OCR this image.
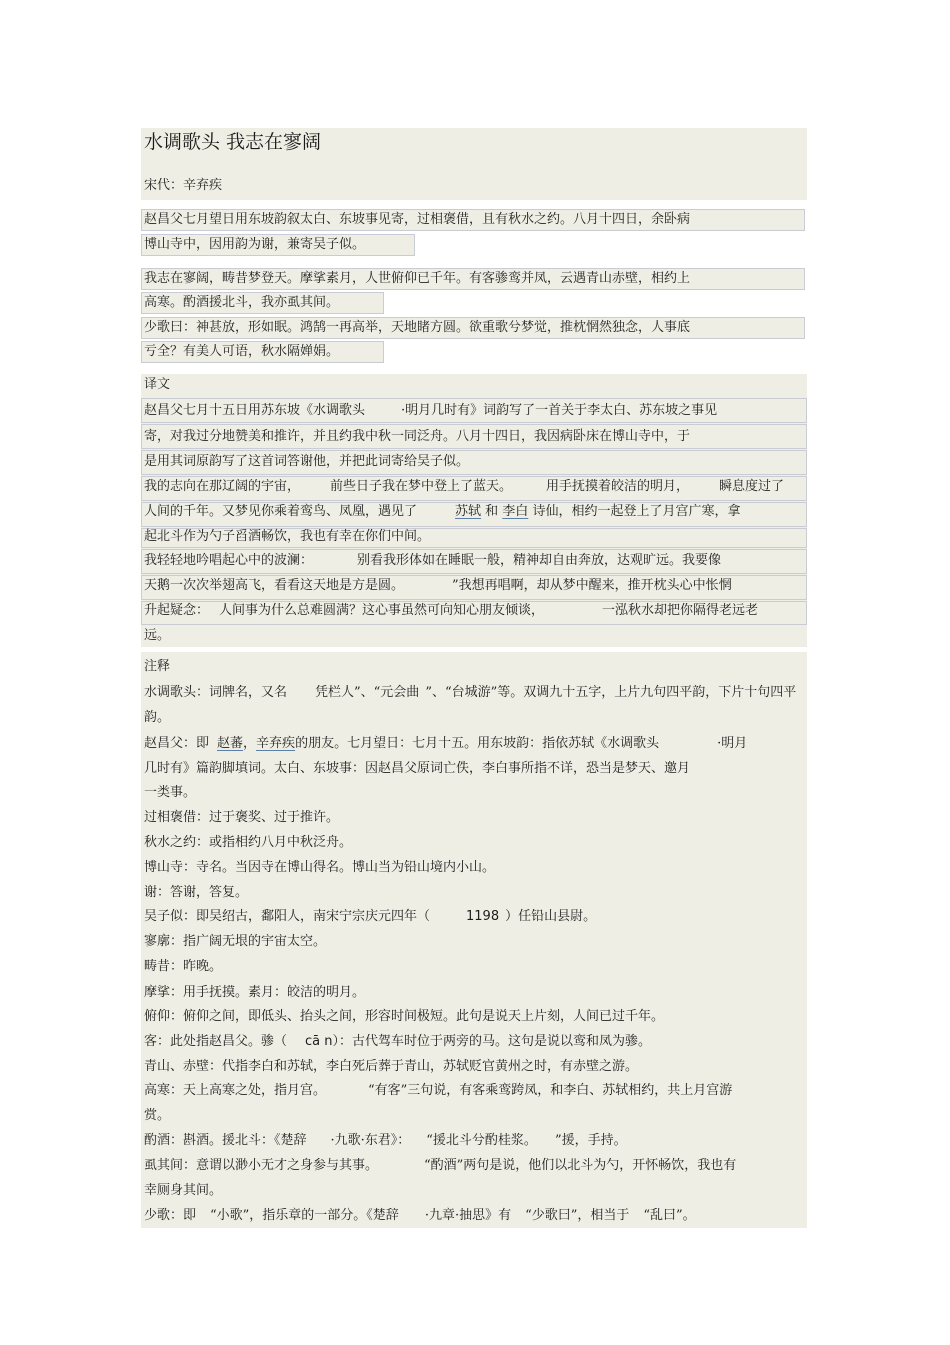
水调歌头 我志在寥阔
宋代：辛弃疾
赵昌父七月望日用东坡韵叙太白、东坡事见寄，过相褒借，且有秋水之约。八月十四日，余卧病
博山寺中，因用韵为谢，兼寄吴子似。
我志在寥阔，畴昔梦登天。摩挲素月，人世俯仰已千年。有客骖鸾并凤，云遇青山赤壁，相约上
高寒。酌酒援北斗，我亦虱其间。
少歌曰：神甚放，形如眠。鸿鹄一再高举，天地睹方圆。欲重歌兮梦觉，推枕惘然独念，人事底
亏全？有美人可语，秋水隔婵娟。
译文
赵昌父七月十五日用苏东坡《水调歌头	·明月几时有》词韵写了一首关于李太白、苏东坡之事见
寄，对我过分地赞美和推许，并且约我中秋一同泛舟。八月十四日，我因病卧床在博山寺中，于
是用其词原韵写了这首词答谢他，并把此词寄给吴子似。
我的志向在那辽阔的宇宙， 前些日子我在梦中登上了蓝天。	用手抚摸着皎洁的明月， 瞬息度过了
人间的千年。又梦见你乘着鸾鸟、凤凰，遇见了	苏轼 和 李白 诗仙，相约一起登上了月宫广寒，拿
起北斗作为勺子舀酒畅饮，我也有幸在你们中间。
我轻轻地吟唱起心中的波澜：	别看我形体如在睡眠一般，精神却自由奔放，达观旷远。我要像
天鹅一次次举翅高飞，看看这天地是方是圆。	”我想再唱啊，却从梦中醒来，推开枕头心中怅惘
升起疑念： 人间事为什么总难圆满？这心事虽然可向知心朋友倾谈，	一泓秋水却把你隔得老远老
远。
注释
水调歌头：词牌名，又名 凭栏人”、“元会曲 ”、“台城游”等。双调九十五字，上片九句四平韵，下片十句四平
韵。
赵昌父：即 赵蕃，辛弃疾的朋友。七月望日：七月十五。用东坡韵：指依苏轼《水调歌头	·明月
几时有》篇韵脚填词。太白、东坡事：因赵昌父原词亡佚，李白事所指不详，恐当是梦天、邀月
一类事。
过相褒借：过于褒奖、过于推许。
秋水之约：或指相约八月中秋泛舟。
博山寺：寺名。当因寺在博山得名。博山当为铅山境内小山。
谢：答谢，答复。
吴子似：即吴绍古，鄱阳人，南宋宁宗庆元四年（	1198 ）任铅山县尉。
寥廓：指广阔无垠的宇宙太空。
畴昔：昨晚。
摩挲：用手抚摸。素月：皎洁的明月。
俯仰：俯仰之间，即低头、抬头之间，形容时间极短。此句是说天上片刻，人间已过千年。
客：此处指赵昌父。骖（ cā n）：古代驾车时位于两旁的马。这句是说以鸾和凤为骖。
青山、赤壁：代指李白和苏轼，李白死后葬于青山，苏轼贬官黄州之时，有赤壁之游。
高寒：天上高寒之处，指月宫。	“有客”三句说，有客乘鸾跨凤，和李白、苏轼相约，共上月宫游
赏。
酌酒：斟酒。援北斗：《楚辞 ·九歌·东君》： “援北斗兮酌桂浆。 ”援，手持。
虱其间：意谓以渺小无才之身参与其事。	“酌酒”两句是说，他们以北斗为勺，开怀畅饮，我也有
幸厕身其间。
少歌：即 “小歌”，指乐章的一部分。《楚辞 ·九章·抽思》有 “少歌曰”，相当于 “乱曰”。
